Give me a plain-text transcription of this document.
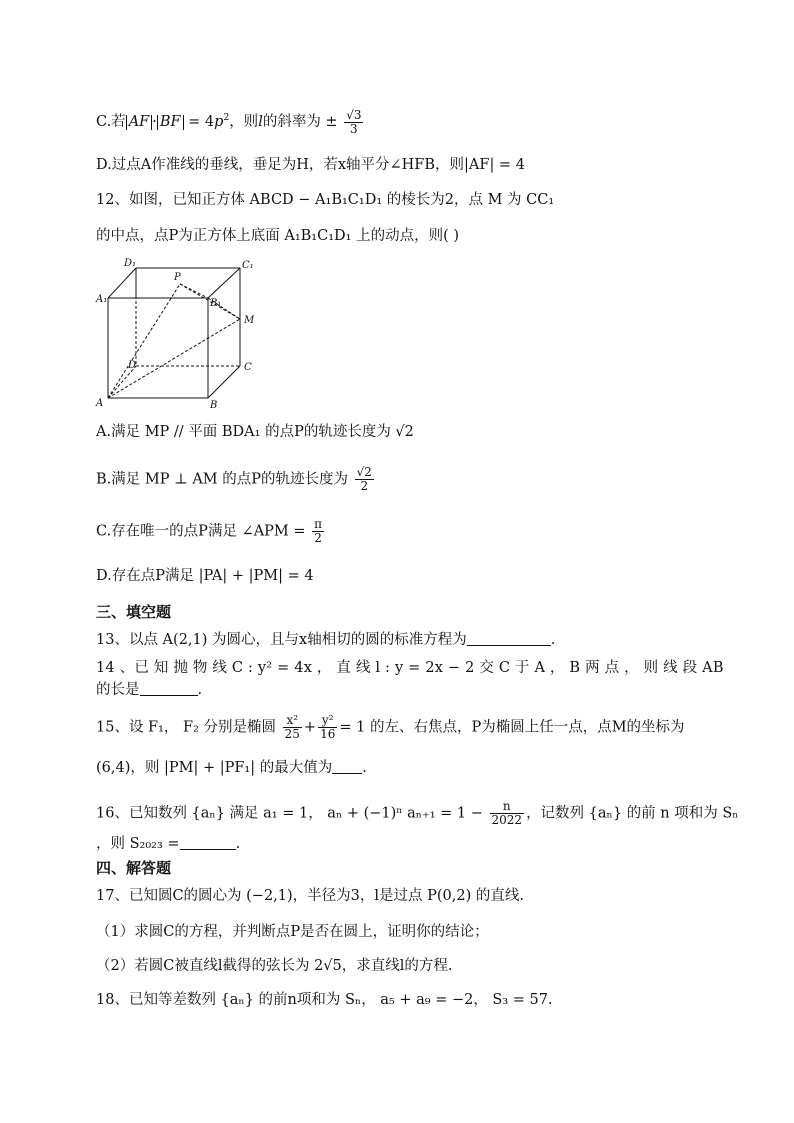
C.若 AF · BF = $4p^2$，则l的斜率为 ± $\frac{√3}{3}$
D.过点A作准线的垂线，垂足为H，若x轴平分∠HFB，则|AF| = 4
12、如图，已知正方体 ABCD − A₁B₁C₁D₁ 的棱长为2，点 M 为 CC₁
的中点，点P为正方体上底面 A₁B₁C₁D₁ 上的动点，则( )
D₁
P
C₁
A₁	B₁
M
D	C
A	B
A.满足 MP // 平面 BDA₁ 的点P的轨迹长度为 √2
B.满足 MP ⊥ AM 的点P的轨迹长度为 $\frac{√2}{2}$
C.存在唯一的点P满足 ∠APM = $\frac{\pi}{2}$
D.存在点P满足 |PA| + |PM| = 4
三、填空题
13、以点 A(2,1) 为圆心，且与x轴相切的圆的标准方程为	.
14 、已 知 抛 物 线 C : y² = 4x ， 直 线 l : y = 2x − 2 交 C 于 A ， B 两 点 ， 则 线 段 AB
的长是	.
15、设 F₁， F₂ 分别是椭圆 $\frac{\text{x²}}{25} + \frac{\text{y²}}{16} = 1$ 的左、右焦点，P为椭圆上任一点，点M的坐标为
(6,4)，则 |PM| + |PF₁| 的最大值为 .
16、已知数列 {aₙ} 满足 a₁ = 1， aₙ + (−1)ⁿ $a_{n+1} = 1 - \frac{n}{2022}$ ，记数列 {aₙ} 的前 n 项和为 Sₙ
，则 S₂₀₂₃ =	.
四、解答题
17、已知圆C的圆心为 (−2,1)，半径为3，l是过点 P(0,2) 的直线.
（1）求圆C的方程，并判断点P是否在圆上，证明你的结论；
（2）若圆C被直线l截得的弦长为 2√5，求直线l的方程.
18、已知等差数列 {aₙ} 的前n项和为 Sₙ， a₅ + a₉ = −2， S₃ = 57.
